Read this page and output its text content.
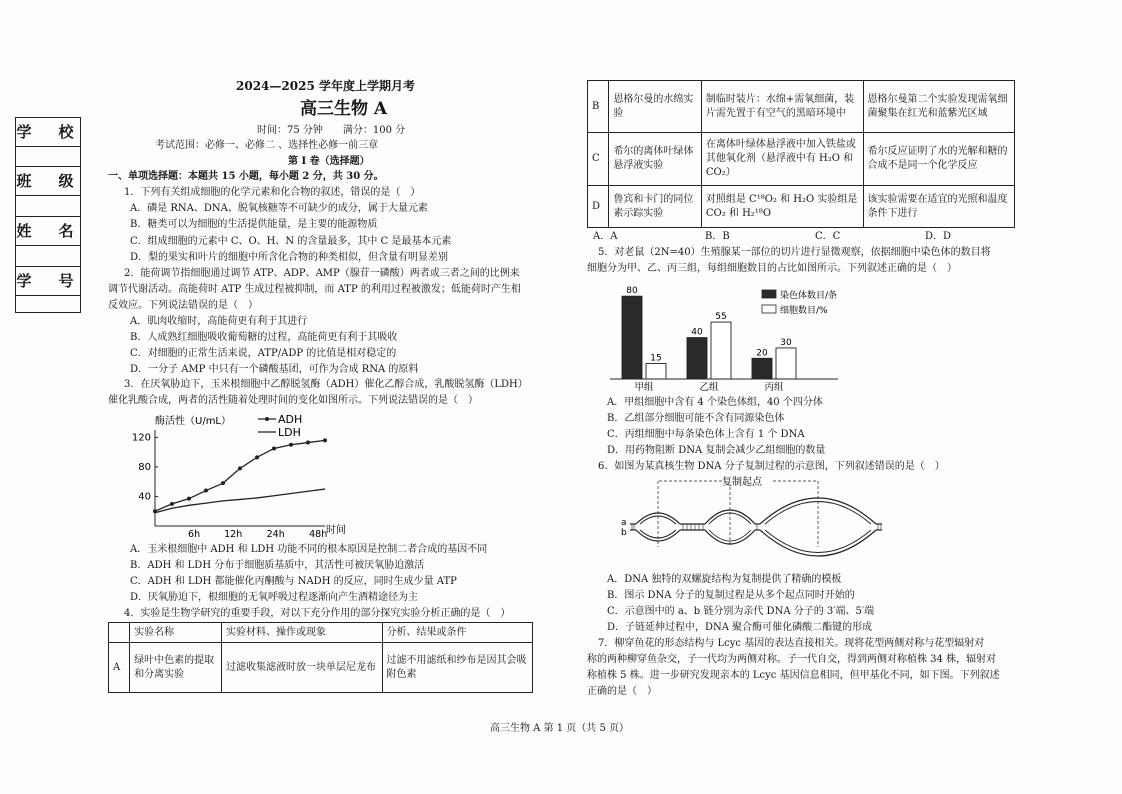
学　校
班　级
姓　名
学　号
2024—2025 学年度上学期月考
高三生物 A
时间：75 分钟　　满分：100 分
考试范围：必修一、必修二 、选择性必修一前三章
第 I 卷（选择题）
一、单项选择题：本题共 15 小题，每小题 2 分，共 30 分。
1．下列有关组成细胞的化学元素和化合物的叙述，错误的是（　）
A．磷是 RNA、DNA、脱氧核糖等不可缺少的成分，属于大量元素
B．糖类可以为细胞的生活提供能量，是主要的能源物质
C．组成细胞的元素中 C、O、H、N 的含量最多，其中 C 是最基本元素
D．梨的果实和叶片的细胞中所含化合物的种类相似，但含量有明显差别
2．能荷调节指细胞通过调节 ATP、ADP、AMP（腺苷一磷酸）两者或三者之间的比例来
调节代谢活动。高能荷时 ATP 生成过程被抑制，而 ATP 的利用过程被激发；低能荷时产生相
反效应。下列说法错误的是（　）
A．肌肉收缩时，高能荷更有利于其进行
B．人成熟红细胞吸收葡萄糖的过程，高能荷更有利于其吸收
C．对细胞的正常生活来说，ATP/ADP 的比值是相对稳定的
D．一分子 AMP 中只有一个磷酸基团，可作为合成 RNA 的原料
3．在厌氧胁迫下，玉米根细胞中乙醇脱氢酶（ADH）催化乙醇合成，乳酸脱氢酶（LDH）
催化乳酸合成，两者的活性随着处理时间的变化如图所示。下列说法错误的是（　）
40
80
120
6h	12h	24h	48h
酶活性（U/mL）
时间
ADH
LDH
A．玉米根细胞中 ADH 和 LDH 功能不同的根本原因是控制二者合成的基因不同
B．ADH 和 LDH 分布于细胞质基质中，其活性可被厌氧胁迫激活
C．ADH 和 LDH 都能催化丙酮酸与 NADH 的反应，同时生成少量 ATP
D．厌氧胁迫下，根细胞的无氧呼吸过程逐渐向产生酒精途径为主
4．实验是生物学研究的重要手段，对以下充分作用的部分探究实验分析正确的是（　）
	实验名称	实验材料、操作或现象	分析、结果或条件
A	绿叶中色素的提取和分离实验	过滤收集滤液时放一块单层尼龙布	过滤不用滤纸和纱布是因其会吸附色素
B	恩格尔曼的水绵实验	制临时装片：水绵+需氧细菌，装片需先置于有空气的黑暗环境中	恩格尔曼第二个实验发现需氧细菌聚集在红光和蓝紫光区域
C	希尔的离体叶绿体悬浮液实验	在离体叶绿体悬浮液中加入铁盐或其他氧化剂（悬浮液中有 H₂O 和 CO₂）	希尔反应证明了水的光解和糖的合成不是同一个化学反应
D	鲁宾和卡门的同位素示踪实验	对照组是 C¹⁸O₂ 和 H₂O 实验组是 CO₂ 和 H₂¹⁸O	该实验需要在适宜的光照和温度条件下进行
A．A	B．B	C．C	D．D
5．对老鼠（2N=40）生殖腺某一部位的切片进行显微观察，依据细胞中染色体的数目将
细胞分为甲、乙、丙三组，每组细胞数目的占比如图所示。下列叙述正确的是（　）
80
15
甲组
40
55
乙组
20
30
丙组
染色体数目/条
细胞数目/%
A．甲组细胞中含有 4 个染色体组，40 个四分体
B．乙组部分细胞可能不含有同源染色体
C．丙组细胞中每条染色体上含有 1 个 DNA
D．用药物阻断 DNA 复制会减少乙组细胞的数量
6．如图为某真核生物 DNA 分子复制过程的示意图，下列叙述错误的是（　）
复制起点
a
b
A．DNA 独特的双螺旋结构为复制提供了精确的模板
B．图示 DNA 分子的复制过程是从多个起点同时开始的
C．示意图中的 a、b 链分别为亲代 DNA 分子的 3′端、5′端
D．子链延伸过程中，DNA 聚合酶可催化磷酸二酯键的形成
7．柳穿鱼花的形态结构与 Lcyc 基因的表达直接相关。现将花型两侧对称与花型辐射对
称的两种柳穿鱼杂交，子一代均为两侧对称。子一代自交，得到两侧对称植株 34 株，辐射对
称植株 5 株。进一步研究发现亲本的 Lcyc 基因信息相同，但甲基化不同，如下图。下列叙述
正确的是（　）
高三生物 A 第 1 页（共 5 页）
